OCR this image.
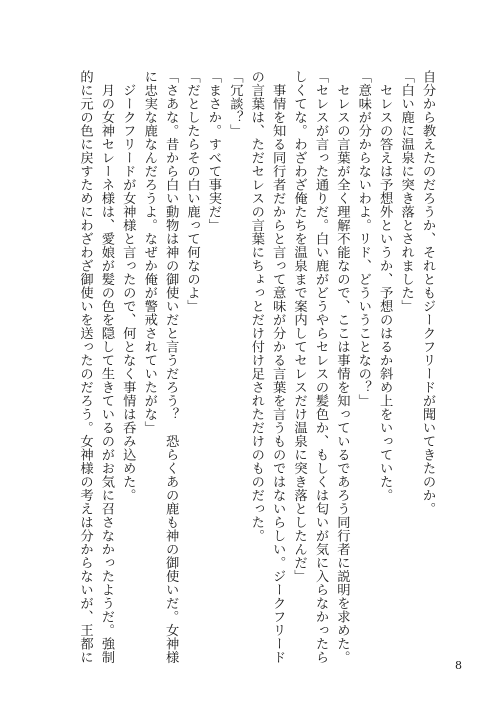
自分から教えたのだろうか、それともジークフリードが聞いてきたのか。
「白い鹿に温泉に突き落とされました」
　セレスの答えは予想外というか、予想のはるか斜め上をいっていた。
「意味が分からないわよ。リド、どういうことなの？」
　セレスの言葉が全く理解不能なので、ここは事情を知っているであろう同行者に説明を求めた。
「セレスが言った通りだ。白い鹿がどうやらセレスの髪色か、もしくは匂いが気に入らなかったら
しくてな。わざわざ俺たちを温泉まで案内してセレスだけ温泉に突き落としたんだ」
　事情を知る同行者だからと言って意味が分かる言葉を言うものではないらしい。ジークフリード
の言葉は、ただセレスの言葉にちょっとだけ付け足されただけのものだった。
「冗談？」
「まさか。すべて事実だ」
「だとしたらその白い鹿って何なのよ」
「さあな。昔から白い動物は神の御使いだと言うだろう？　恐らくあの鹿も神の御使いだ。女神様
に忠実な鹿なんだろうよ。なぜか俺が警戒されていたがな」
　ジークフリードが女神様と言ったので、何となく事情は呑み込めた。
　月の女神セレーネ様は、愛娘が髪の色を隠して生きているのがお気に召さなかったようだ。強制
的に元の色に戻すためにわざわざ御使いを送ったのだろう。女神様の考えは分からないが、王都に
8
